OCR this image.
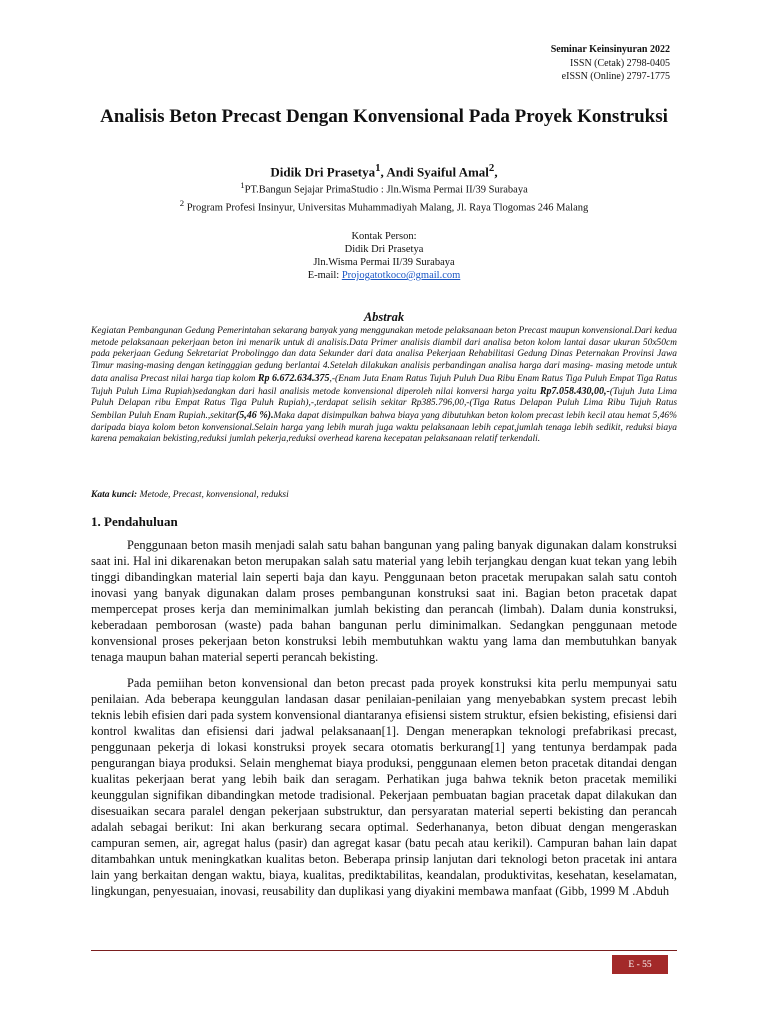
Seminar Keinsinyuran 2022
ISSN (Cetak) 2798-0405
eISSN (Online) 2797-1775
Analisis Beton Precast Dengan Konvensional Pada Proyek Konstruksi
Didik Dri Prasetya$^1$, Andi Syaiful Amal$^2$,
$^1$PT.Bangun Sejajar PrimaStudio : Jln.Wisma Permai II/39 Surabaya
$^2$ Program Profesi Insinyur, Universitas Muhammadiyah Malang, Jl. Raya Tlogomas 246 Malang
Kontak Person:
Didik Dri Prasetya
Jln.Wisma Permai II/39 Surabaya
E-mail: Projogatotkoco@gmail.com
Abstrak

Kegiatan Pembangunan Gedung Pemerintahan sekarang banyak yang menggunakan metode pelaksanaan beton Precast maupun konvensional.Dari kedua metode pelaksanaan pekerjaan beton ini menarik untuk di analisis.Data Primer analisis diambil dari analisa beton kolom lantai dasar ukuran 50x50cm pada pekerjaan Gedung Sekretariat Probolinggo dan data Sekunder dari data analisa Pekerjaan Rehabilitasi Gedung Dinas Peternakan Provinsi Jawa Timur masing-masing dengan ketingggian gedung berlantai 4.Setelah dilakukan analisis perbandingan analisa harga dari masing- masing metode untuk data analisa Precast nilai harga tiap kolom Rp 6.672.634.375,-(Enam Juta Enam Ratus Tujuh Puluh Dua Ribu Enam Ratus Tiga Puluh Empat Tiga Ratus Tujuh Puluh Lima Rupiah)sedangkan dari hasil analisis metode konvensional diperoleh nilai konversi harga yaitu Rp7.058.430,00,-(Tujuh Juta Lima Puluh Delapan ribu Empat Ratus Tiga Puluh Rupiah),-,terdapat selisih sekitar Rp385.796,00,-(Tiga Ratus Delapan Puluh Lima Ribu Tujuh Ratus Sembilan Puluh Enam Rupiah.,sekitar(5,46 %).Maka dapat disimpulkan bahwa biaya yang dibutuhkan beton kolom precast lebih kecil atau hemat 5,46% daripada biaya kolom beton konvensional.Selain harga yang lebih murah juga waktu pelaksanaan lebih cepat,jumlah tenaga lebih sedikit, reduksi biaya karena pemakaian bekisting,reduksi jumlah pekerja,reduksi overhead karena kecepatan pelaksanaan relatif terkendali.

Kata kunci: Metode, Precast, konvensional, reduksi
1. Pendahuluan

Penggunaan beton masih menjadi salah satu bahan bangunan yang paling banyak digunakan dalam konstruksi saat ini. Hal ini dikarenakan beton merupakan salah satu material yang lebih terjangkau dengan kuat tekan yang lebih tinggi dibandingkan material lain seperti baja dan kayu. Penggunaan beton pracetak merupakan salah satu contoh inovasi yang banyak digunakan dalam proses pembangunan konstruksi saat ini. Bagian beton pracetak dapat mempercepat proses kerja dan meminimalkan jumlah bekisting dan perancah (limbah). Dalam dunia konstruksi, keberadaan pemborosan (waste) pada bahan bangunan perlu diminimalkan. Sedangkan penggunaan metode konvensional proses pekerjaan beton konstruksi lebih membutuhkan waktu yang lama dan membutuhkan banyak tenaga maupun bahan material seperti perancah bekisting.

Pada pemiihan beton konvensional dan beton precast pada proyek konstruksi kita perlu mempunyai satu penilaian. Ada beberapa keunggulan landasan dasar penilaian-penilaian yang menyebabkan system precast lebih teknis lebih efisien dari pada system konvensional diantaranya efisiensi sistem struktur, efsien bekisting, efisiensi dari kontrol kwalitas dan efisiensi dari jadwal pelaksanaan[1]. Dengan menerapkan teknologi prefabrikasi precast, penggunaan pekerja di lokasi konstruksi proyek secara otomatis berkurang[1] yang tentunya berdampak pada pengurangan biaya produksi. Selain menghemat biaya produksi, penggunaan elemen beton pracetak ditandai dengan kualitas pekerjaan berat yang lebih baik dan seragam. Perhatikan juga bahwa teknik beton pracetak memiliki keunggulan signifikan dibandingkan metode tradisional. Pekerjaan pembuatan bagian pracetak dapat dilakukan dan disesuaikan secara paralel dengan pekerjaan substruktur, dan persyaratan material seperti bekisting dan perancah adalah sebagai berikut: Ini akan berkurang secara optimal. Sederhananya, beton dibuat dengan mengeraskan campuran semen, air, agregat halus (pasir) dan agregat kasar (batu pecah atau kerikil). Campuran bahan lain dapat ditambahkan untuk meningkatkan kualitas beton. Beberapa prinsip lanjutan dari teknologi beton pracetak ini antara lain yang berkaitan dengan waktu, biaya, kualitas, prediktabilitas, keandalan, produktivitas, kesehatan, keselamatan, lingkungan, penyesuaian, inovasi, reusability dan duplikasi yang diyakini membawa manfaat (Gibb, 1999 M .Abduh

E - 55
